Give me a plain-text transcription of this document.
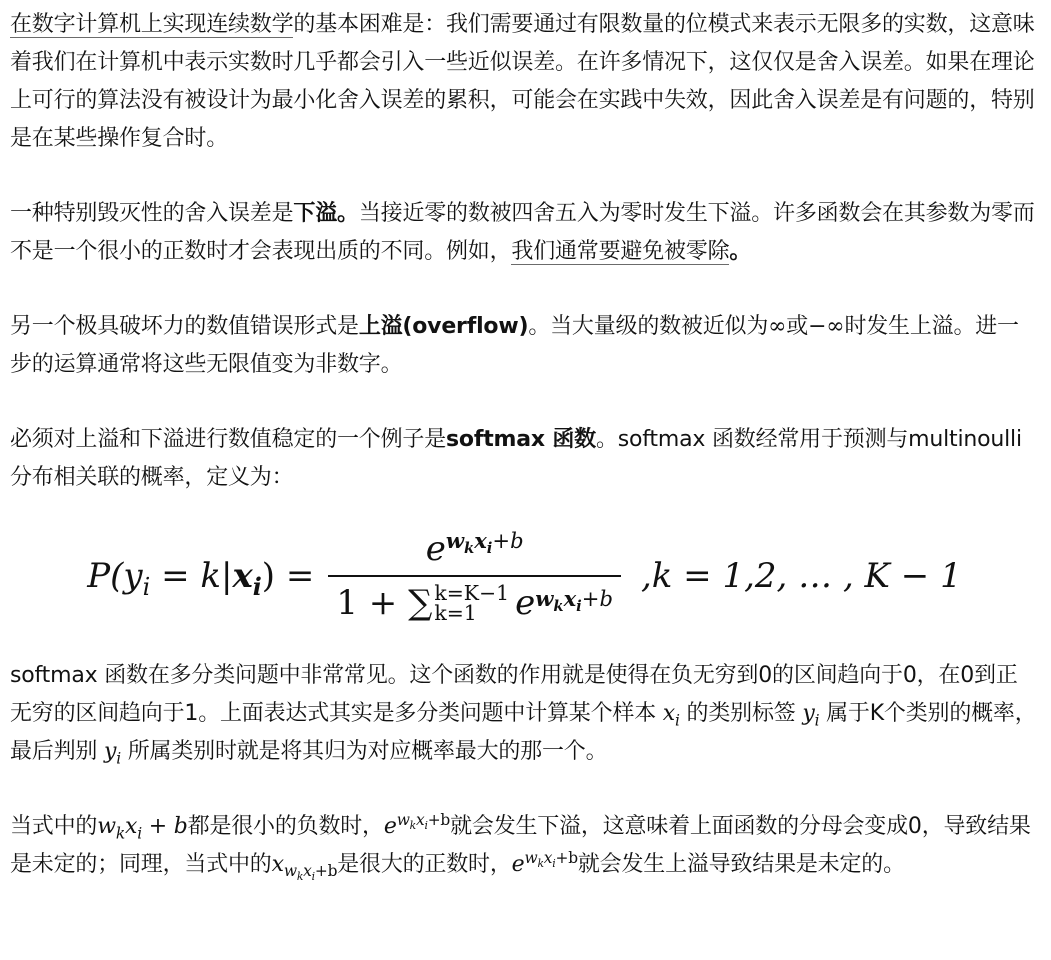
在数字计算机上实现连续数学的基本困难是：我们需要通过有限数量的位模式来表示无限多的实数，这意味着我们在计算机中表示实数时几乎都会引入一些近似误差。在许多情况下，这仅仅是舍入误差。如果在理论上可行的算法没有被设计为最小化舍入误差的累积，可能会在实践中失效，因此舍入误差是有问题的，特别是在某些操作复合时。

一种特别毁灭性的舍入误差是下溢。当接近零的数被四舍五入为零时发生下溢。许多函数会在其参数为零而不是一个很小的正数时才会表现出质的不同。例如，我们通常要避免被零除。

另一个极具破坏力的数值错误形式是上溢(overflow)。当大量级的数被近似为∞或−∞时发生上溢。进一步的运算通常将这些无限值变为非数字。

必须对上溢和下溢进行数值稳定的一个例子是softmax 函数。softmax 函数经常用于预测与multinoulli分布相关联的概率，定义为：

$P(y_i = k|x_i) = e^{w_kx_i+b}$
1 + ∑ k=K−1
k=1	e $w_kx_i+b$ ,k = 1,2, … , K − 1

softmax 函数在多分类问题中非常常见。这个函数的作用就是使得在负无穷到0的区间趋向于0，在0到正无穷的区间趋向于1。上面表达式其实是多分类问题中计算某个样本 $x_i$ 的类别标签 $y_i$ 属于K个类别的概率，最后判别 $y_i$ 所属类别时就是将其归为对应概率最大的那一个。

当式中的$w_kx_i + b$都是很小的负数时，$e^{w_kx_i+b}$就会发生下溢，这意味着上面函数的分母会变成0，导致结果是未定的；同理，当式中的$x_{w_kx_i+b}$是很大的正数时，$e^{w_kx_i+b}$就会发生上溢导致结果是未定的。
